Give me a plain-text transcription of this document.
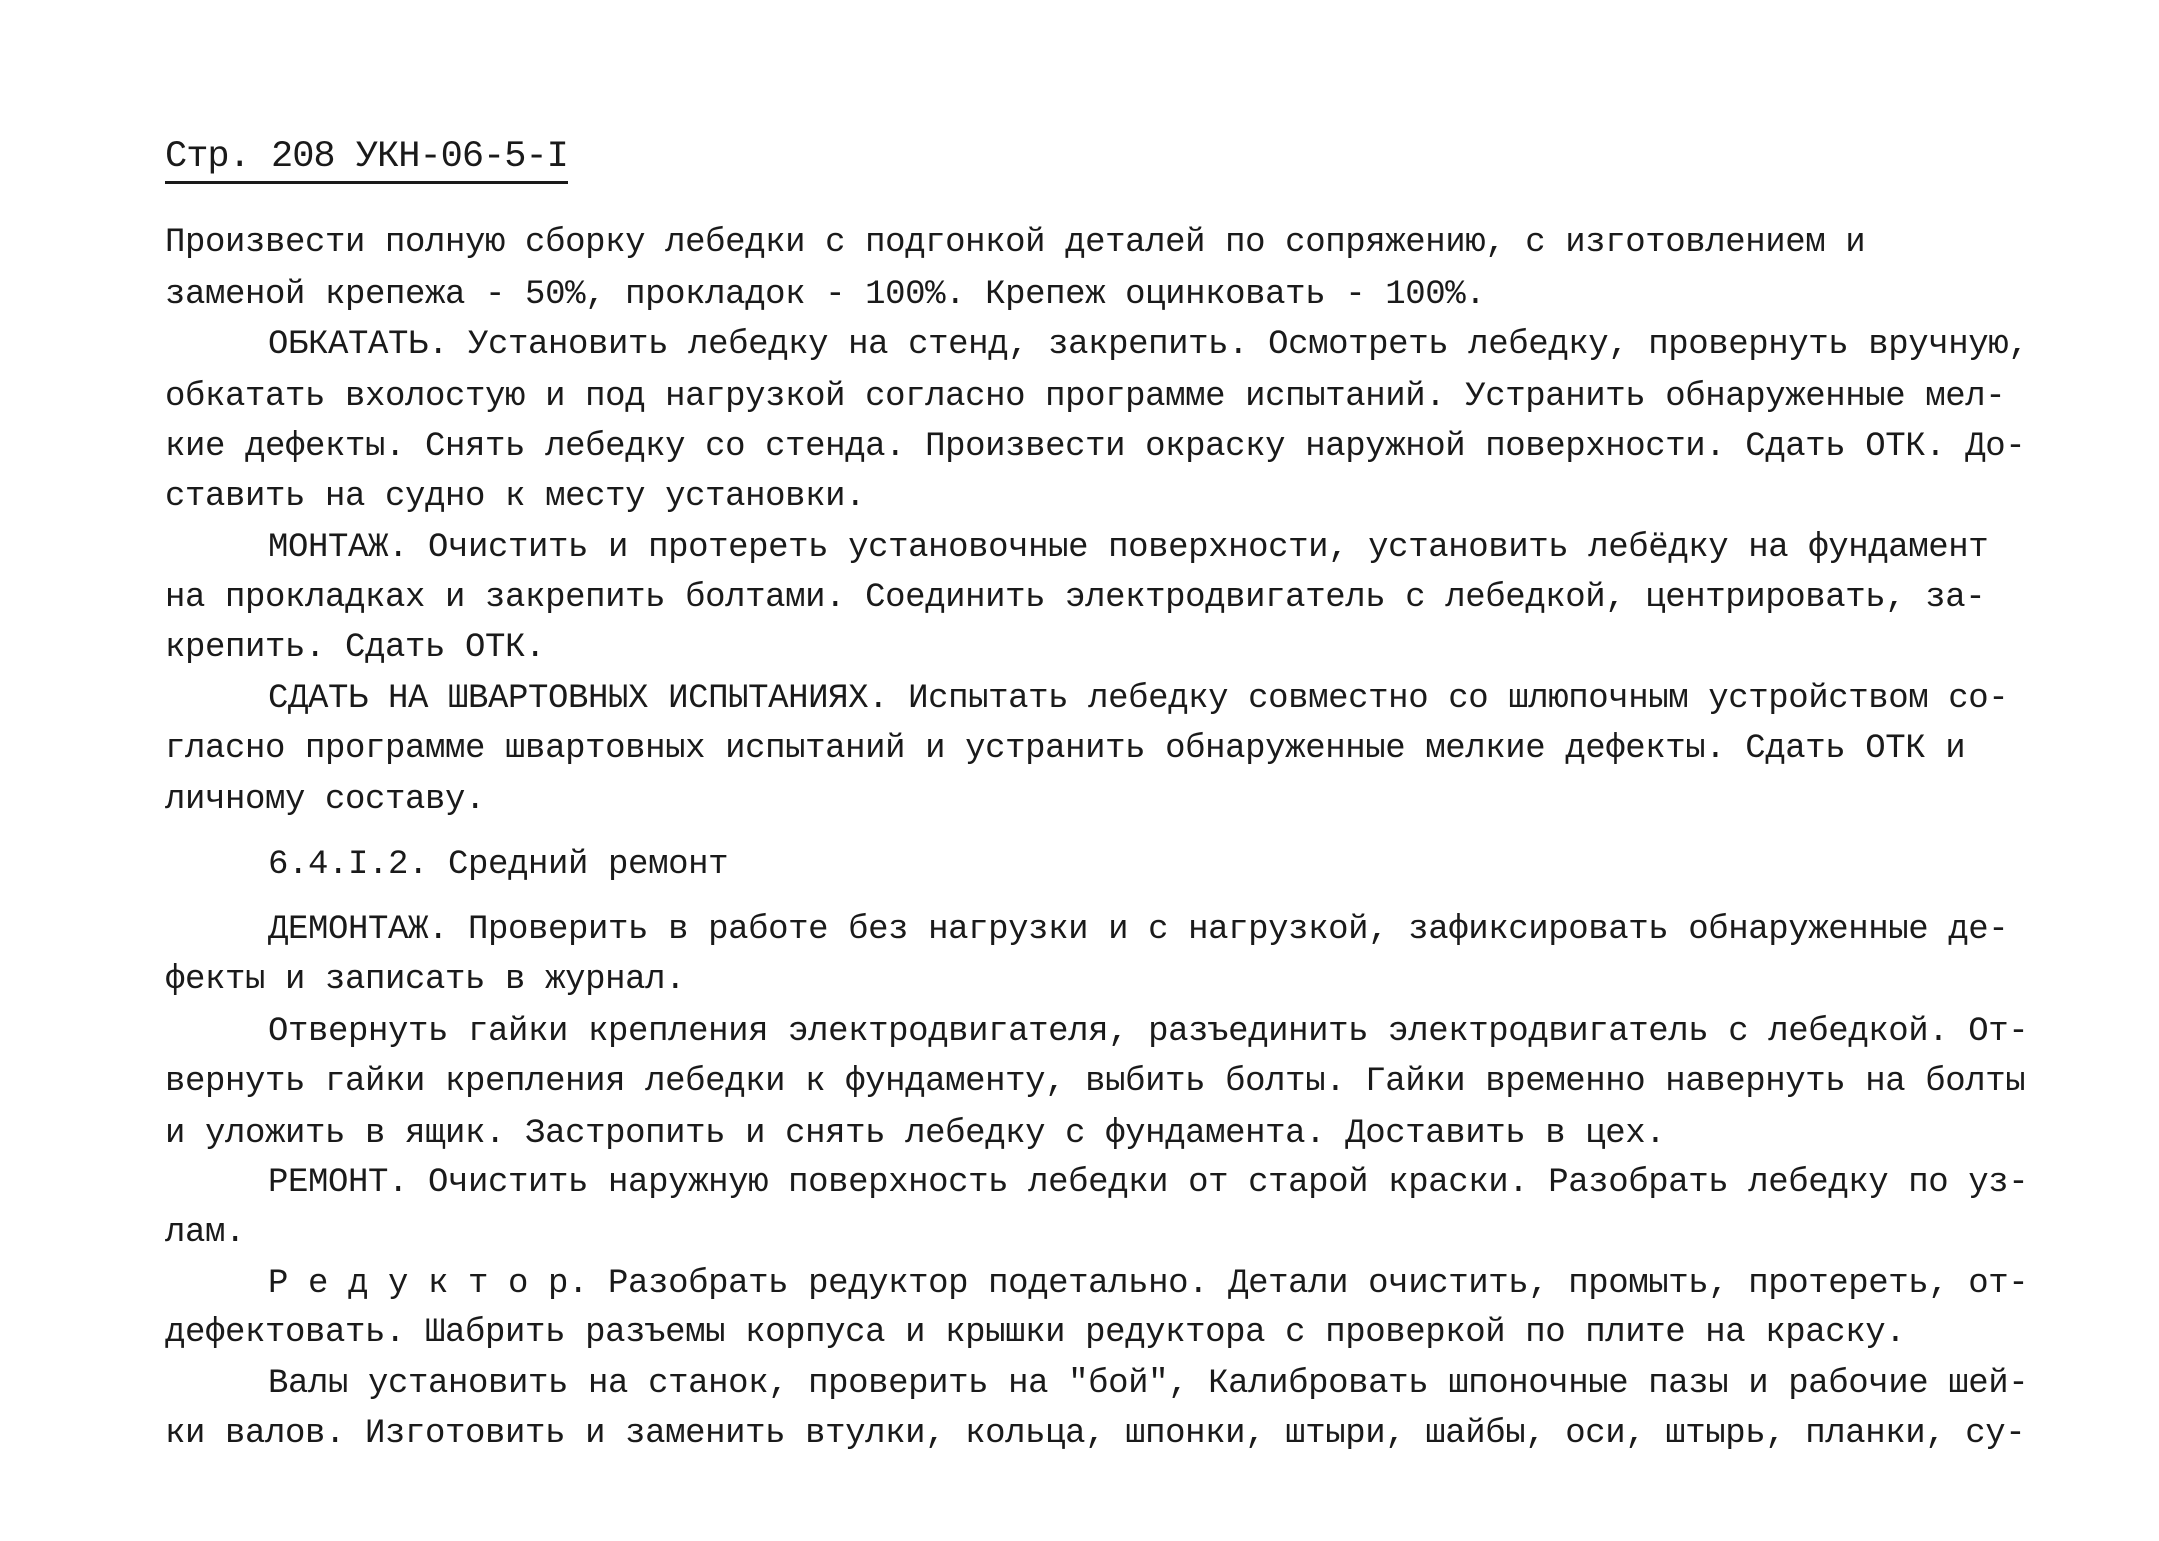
Стр. 208 УКН-06-5-I
Произвести полную сборку лебедки с подгонкой деталей по сопряжению, с изготовлением и
заменой крепежа - 50%, прокладок - 100%. Крепеж оцинковать - 100%.
ОБКАТАТЬ. Установить лебедку на стенд, закрепить. Осмотреть лебедку, провернуть вручную,
обкатать вхолостую и под нагрузкой согласно программе испытаний. Устранить обнаруженные мел-
кие дефекты. Снять лебедку со стенда. Произвести окраску наружной поверхности. Сдать ОТК. До-
ставить на судно к месту установки.
МОНТАЖ. Очистить и протереть установочные поверхности, установить лебёдку на фундамент
на прокладках и закрепить болтами. Соединить электродвигатель с лебедкой, центрировать, за-
крепить. Сдать ОТК.
СДАТЬ НА ШВАРТОВНЫХ ИСПЫТАНИЯХ. Испытать лебедку совместно со шлюпочным устройством со-
гласно программе швартовных испытаний и устранить обнаруженные мелкие дефекты. Сдать ОТК и
личному составу.
6.4.I.2. Средний ремонт
ДЕМОНТАЖ. Проверить в работе без нагрузки и с нагрузкой, зафиксировать обнаруженные де-
фекты и записать в журнал.
Отвернуть гайки крепления электродвигателя, разъединить электродвигатель с лебедкой. От-
вернуть гайки крепления лебедки к фундаменту, выбить болты. Гайки временно навернуть на болты
и уложить в ящик. Застропить и снять лебедку с фундамента. Доставить в цех.
РЕМОНТ. Очистить наружную поверхность лебедки от старой краски. Разобрать лебедку по уз-
лам.
Р е д у к т о р. Разобрать редуктор подетально. Детали очистить, промыть, протереть, от-
дефектовать. Шабрить разъемы корпуса и крышки редуктора с проверкой по плите на краску.
Валы установить на станок, проверить на "бой", Калибровать шпоночные пазы и рабочие шей-
ки валов. Изготовить и заменить втулки, кольца, шпонки, штыри, шайбы, оси, штырь, планки, су-
